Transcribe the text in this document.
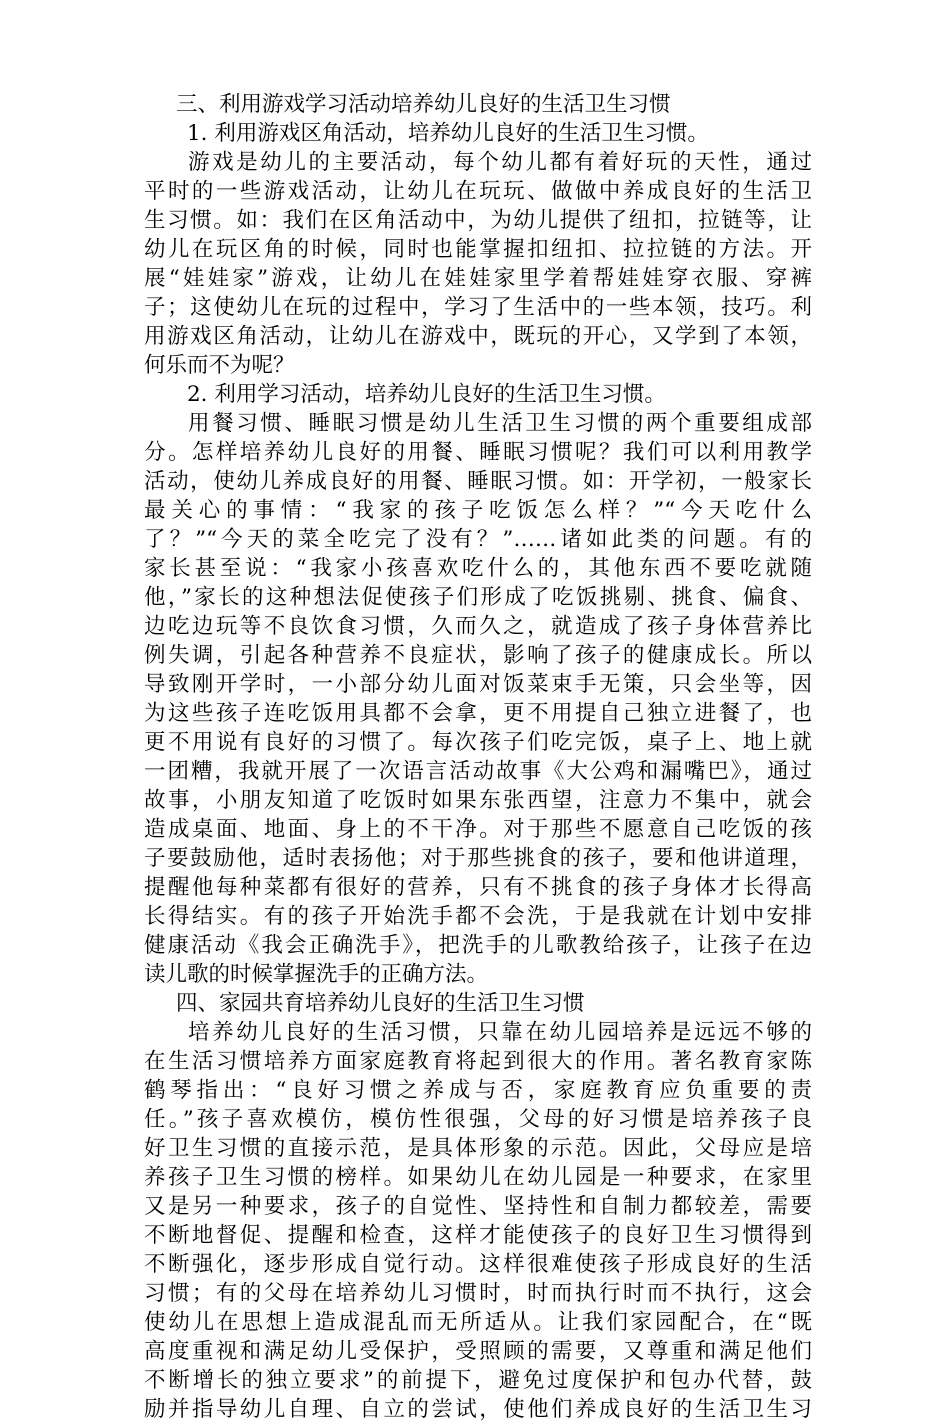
三、利用游戏学习活动培养幼儿良好的生活卫生习惯
1. 利用游戏区角活动，培养幼儿良好的生活卫生习惯。
游戏是幼儿的主要活动，每个幼儿都有着好玩的天性，通过
平时的一些游戏活动，让幼儿在玩玩、做做中养成良好的生活卫
生习惯。如：我们在区角活动中，为幼儿提供了纽扣，拉链等，让
幼儿在玩区角的时候，同时也能掌握扣纽扣、拉拉链的方法。开
展“娃娃家”游戏，让幼儿在娃娃家里学着帮娃娃穿衣服、穿裤
子；这使幼儿在玩的过程中，学习了生活中的一些本领，技巧。利
用游戏区角活动，让幼儿在游戏中，既玩的开心，又学到了本领，
何乐而不为呢？
2. 利用学习活动，培养幼儿良好的生活卫生习惯。
用餐习惯、睡眠习惯是幼儿生活卫生习惯的两个重要组成部
分。怎样培养幼儿良好的用餐、睡眠习惯呢？我们可以利用教学
活动，使幼儿养成良好的用餐、睡眠习惯。如：开学初，一般家长
最关心的事情：“我家的孩子吃饭怎么样？”“今天吃什么
了？”“今天的菜全吃完了没有？”……诸如此类的问题。有的
家长甚至说：“我家小孩喜欢吃什么的，其他东西不要吃就随
他，”家长的这种想法促使孩子们形成了吃饭挑剔、挑食、偏食、
边吃边玩等不良饮食习惯，久而久之，就造成了孩子身体营养比
例失调，引起各种营养不良症状，影响了孩子的健康成长。所以
导致刚开学时，一小部分幼儿面对饭菜束手无策，只会坐等，因
为这些孩子连吃饭用具都不会拿，更不用提自己独立进餐了，也
更不用说有良好的习惯了。每次孩子们吃完饭，桌子上、地上就
一团糟，我就开展了一次语言活动故事《大公鸡和漏嘴巴》，通过
故事，小朋友知道了吃饭时如果东张西望，注意力不集中，就会
造成桌面、地面、身上的不干净。对于那些不愿意自己吃饭的孩
子要鼓励他，适时表扬他；对于那些挑食的孩子，要和他讲道理，
提醒他每种菜都有很好的营养，只有不挑食的孩子身体才长得高
长得结实。有的孩子开始洗手都不会洗，于是我就在计划中安排
健康活动《我会正确洗手》，把洗手的儿歌教给孩子，让孩子在边
读儿歌的时候掌握洗手的正确方法。
四、家园共育培养幼儿良好的生活卫生习惯
培养幼儿良好的生活习惯，只靠在幼儿园培养是远远不够的
在生活习惯培养方面家庭教育将起到很大的作用。著名教育家陈
鹤琴指出：“良好习惯之养成与否，家庭教育应负重要的责
任。”孩子喜欢模仿，模仿性很强，父母的好习惯是培养孩子良
好卫生习惯的直接示范，是具体形象的示范。因此，父母应是培
养孩子卫生习惯的榜样。如果幼儿在幼儿园是一种要求，在家里
又是另一种要求，孩子的自觉性、坚持性和自制力都较差，需要
不断地督促、提醒和检查，这样才能使孩子的良好卫生习惯得到
不断强化，逐步形成自觉行动。这样很难使孩子形成良好的生活
习惯；有的父母在培养幼儿习惯时，时而执行时而不执行，这会
使幼儿在思想上造成混乱而无所适从。让我们家园配合，在“既
高度重视和满足幼儿受保护，受照顾的需要，又尊重和满足他们
不断增长的独立要求”的前提下，避免过度保护和包办代替，鼓
励并指导幼儿自理、自立的尝试，使他们养成良好的生活卫生习
